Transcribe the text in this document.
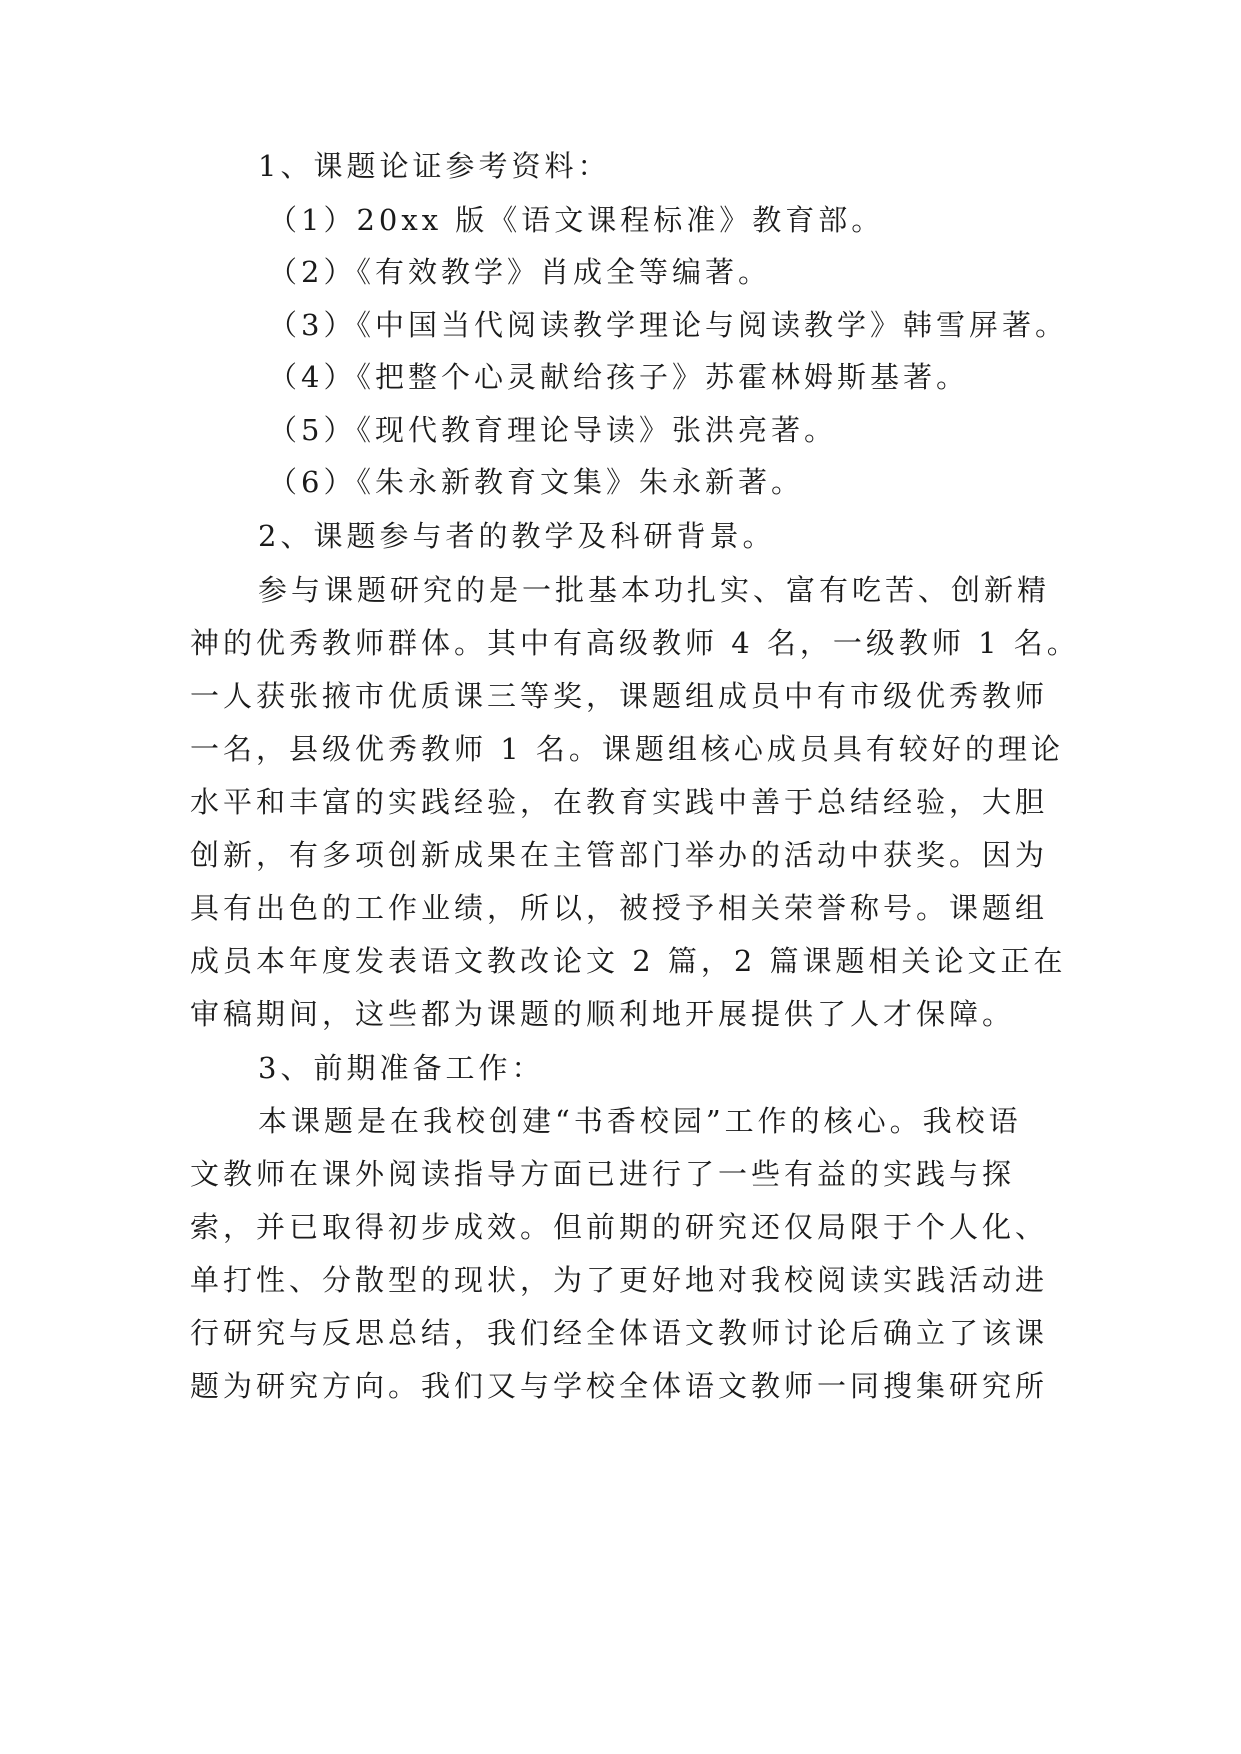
1、课题论证参考资料：
（1）20xx 版《语文课程标准》教育部。
（2）《有效教学》肖成全等编著。
（3）《中国当代阅读教学理论与阅读教学》韩雪屏著。
（4）《把整个心灵献给孩子》苏霍林姆斯基著。
（5）《现代教育理论导读》张洪亮著。
（6）《朱永新教育文集》朱永新著。
2、课题参与者的教学及科研背景。
参与课题研究的是一批基本功扎实、富有吃苦、创新精
神的优秀教师群体。其中有高级教师 4 名，一级教师 1 名。
一人获张掖市优质课三等奖，课题组成员中有市级优秀教师
一名，县级优秀教师 1 名。课题组核心成员具有较好的理论
水平和丰富的实践经验，在教育实践中善于总结经验，大胆
创新，有多项创新成果在主管部门举办的活动中获奖。因为
具有出色的工作业绩，所以，被授予相关荣誉称号。课题组
成员本年度发表语文教改论文 2 篇，2 篇课题相关论文正在
审稿期间，这些都为课题的顺利地开展提供了人才保障。
3、前期准备工作：
本课题是在我校创建“书香校园”工作的核心。我校语
文教师在课外阅读指导方面已进行了一些有益的实践与探
索，并已取得初步成效。但前期的研究还仅局限于个人化、
单打性、分散型的现状，为了更好地对我校阅读实践活动进
行研究与反思总结，我们经全体语文教师讨论后确立了该课
题为研究方向。我们又与学校全体语文教师一同搜集研究所
